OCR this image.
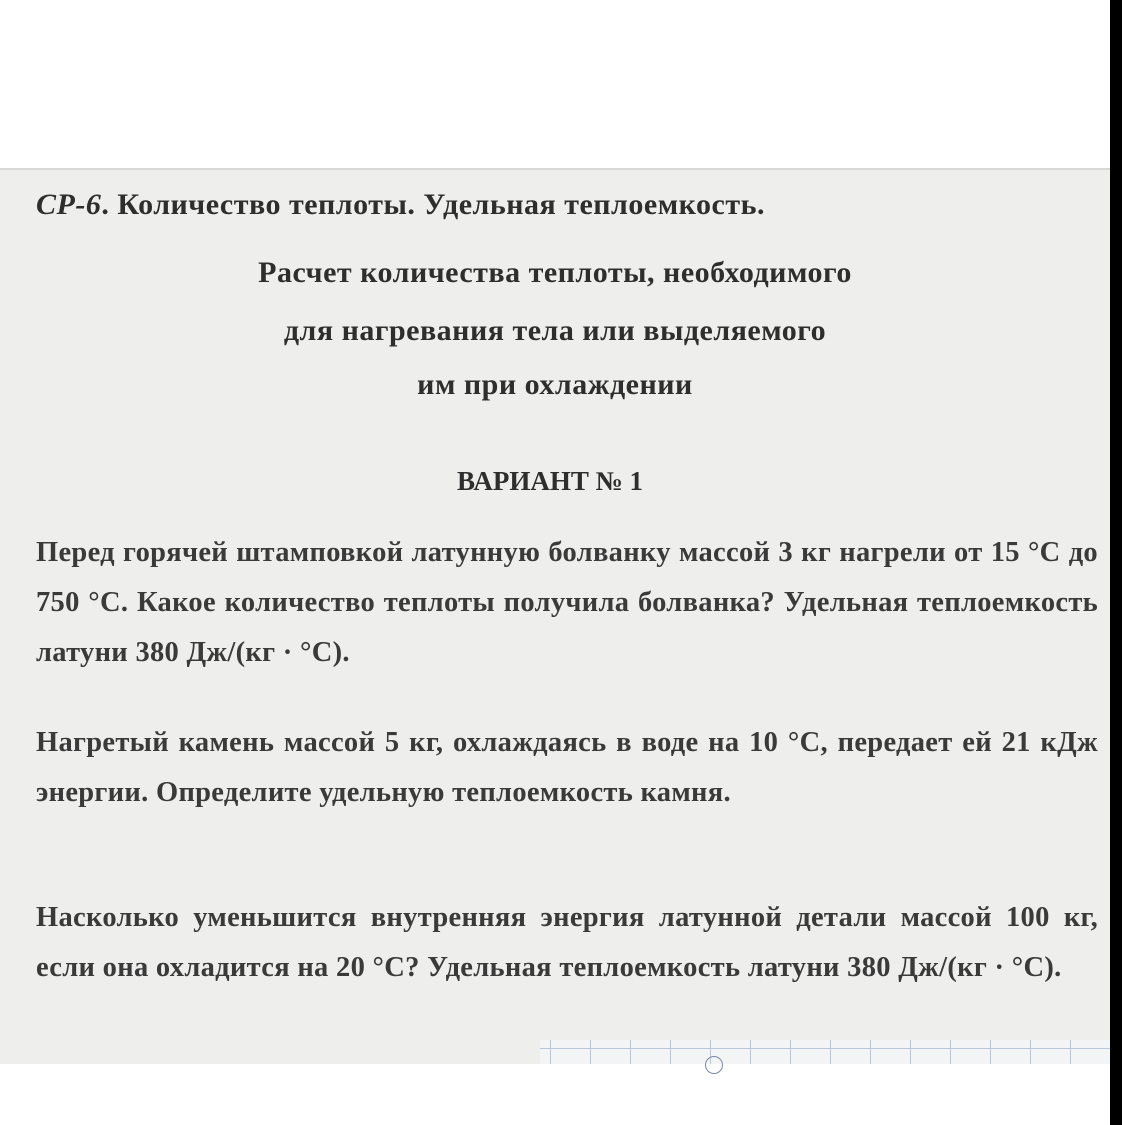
СР-6. Количество теплоты. Удельная теплоемкость.
Расчет количества теплоты, необходимого
для нагревания тела или выделяемого
им при охлаждении
ВАРИАНТ № 1
Перед горячей штамповкой латунную болванку массой 3 кг нагрели от 15 °С до 750 °С. Какое количество теплоты получила болванка? Удельная теплоемкость латуни 380 Дж/(кг · °С).
Нагретый камень массой 5 кг, охлаждаясь в воде на 10 °С, передает ей 21 кДж энергии. Определите удельную теплоемкость камня.
Насколько уменьшится внутренняя энергия латунной детали массой 100 кг, если она охладится на 20 °С? Удельная теплоемкость латуни 380 Дж/(кг · °С).
